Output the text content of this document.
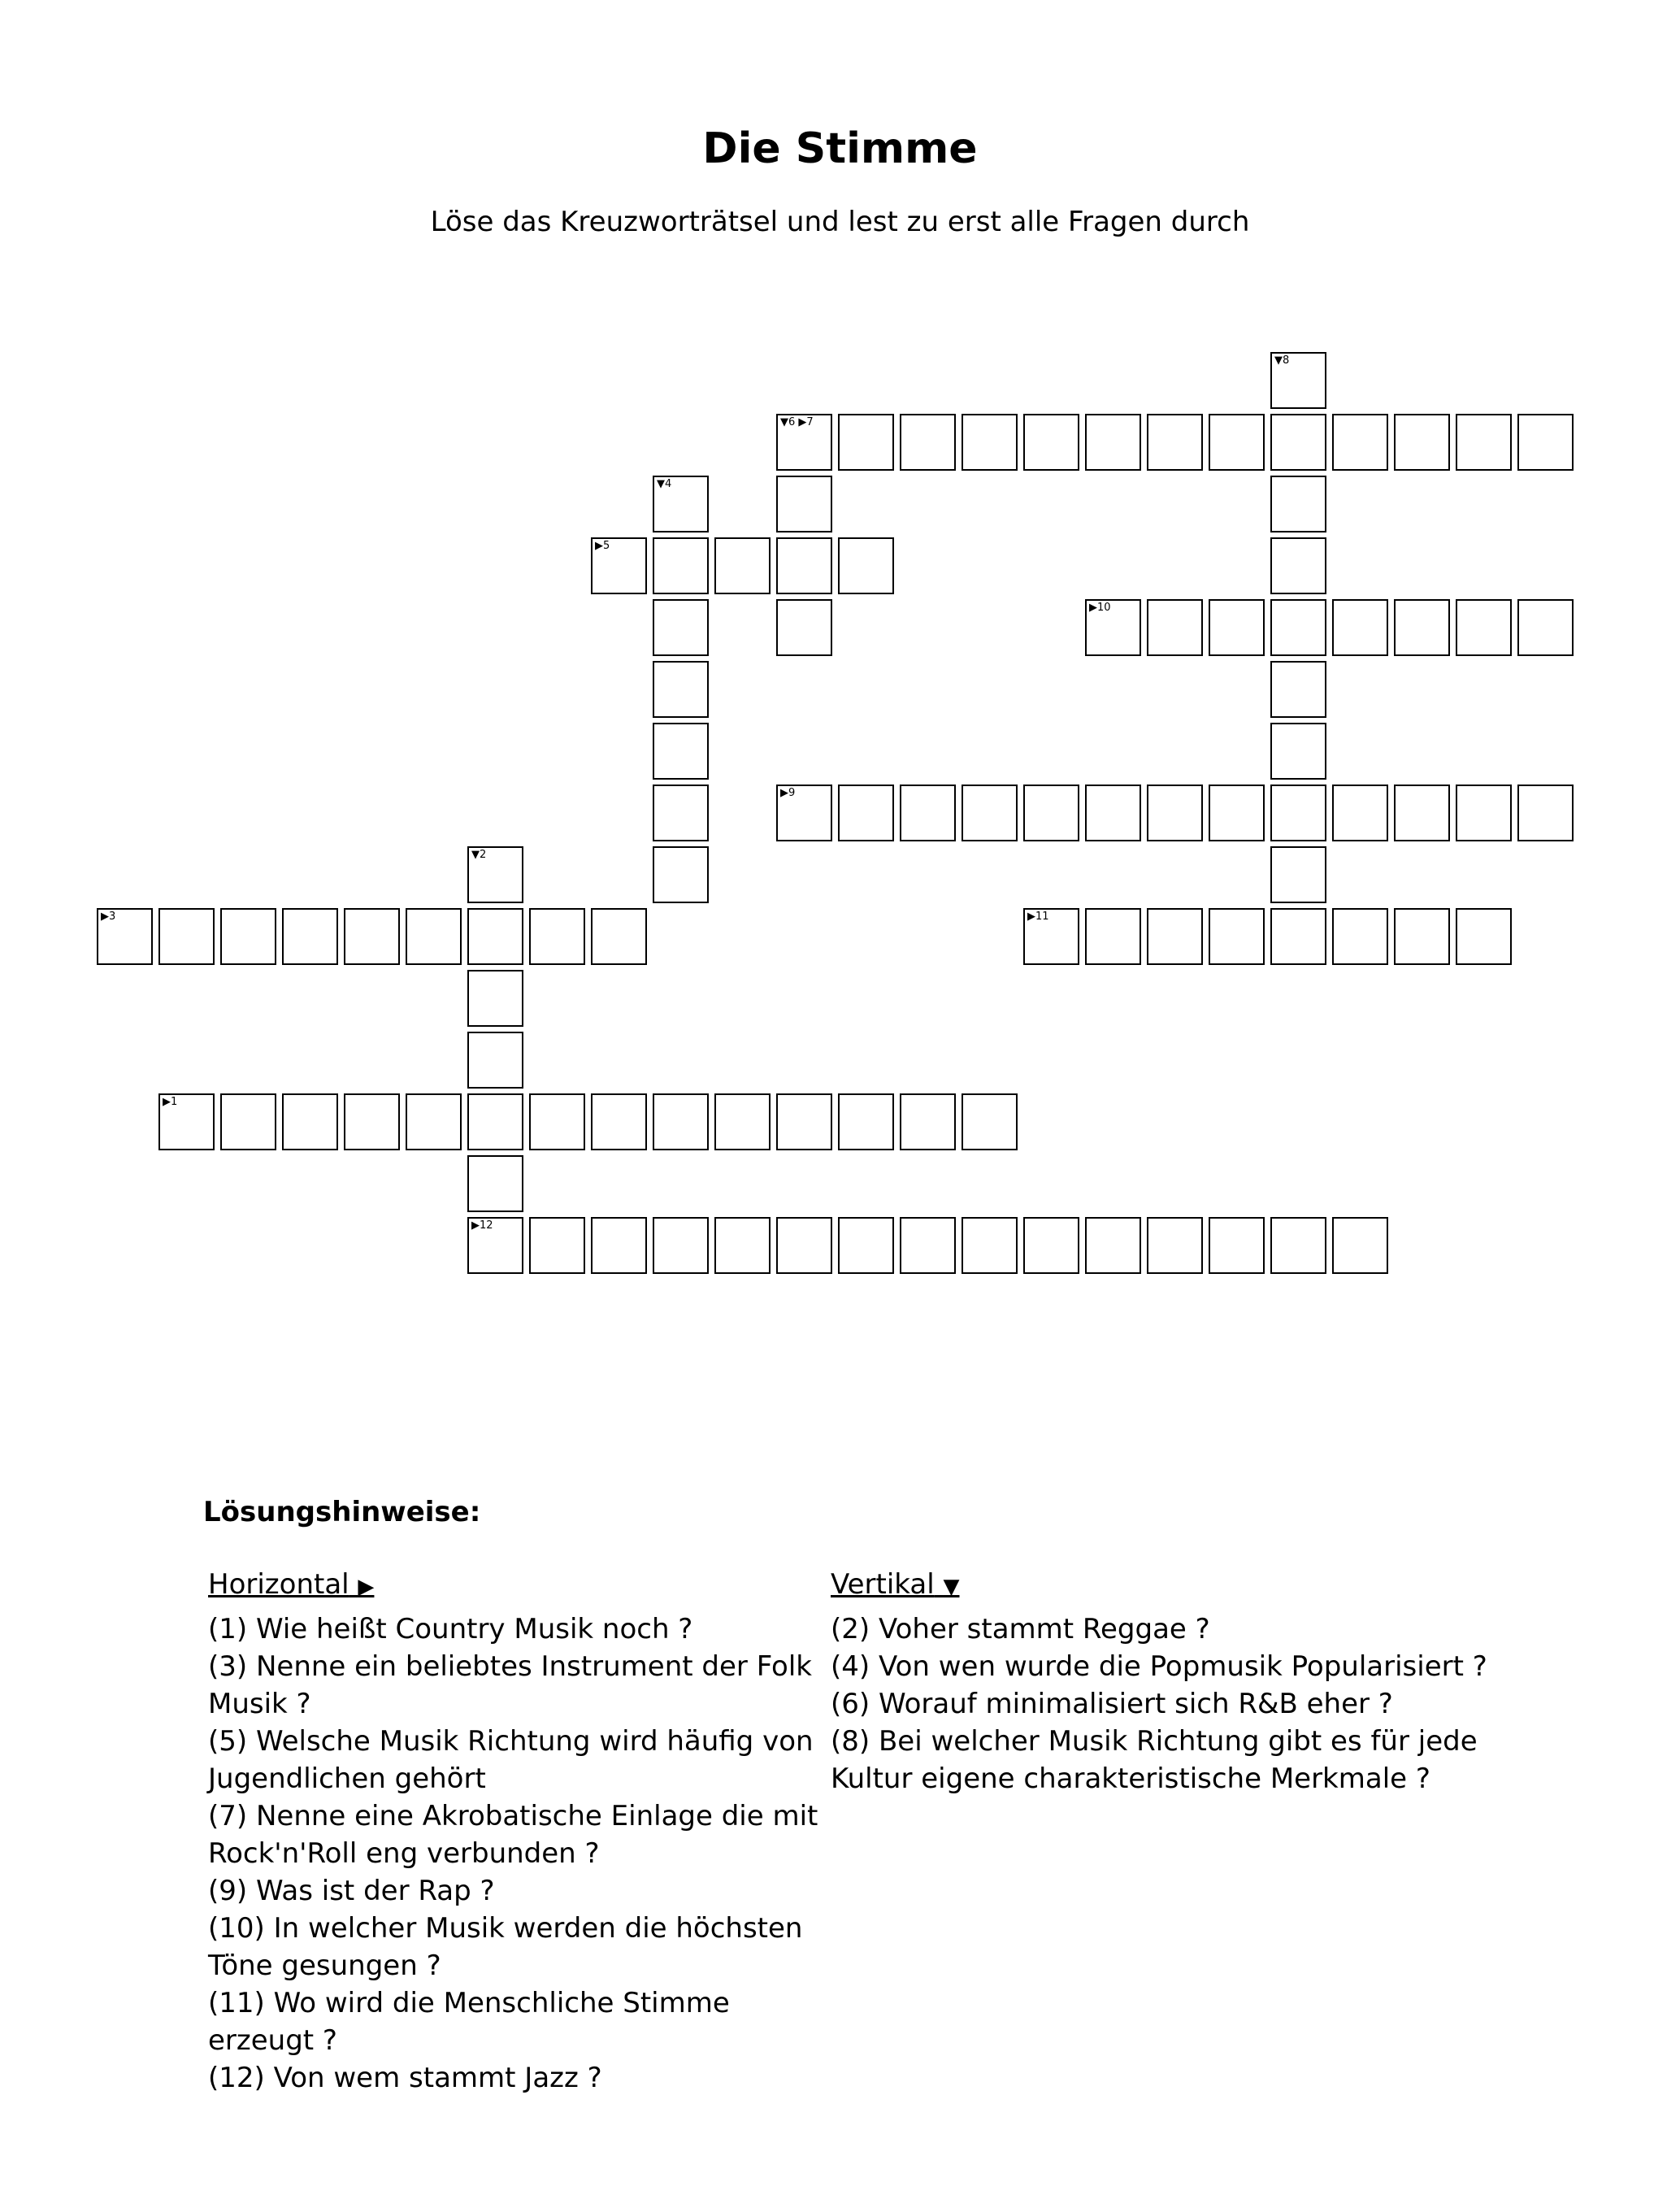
Die Stimme
Löse das Kreuzworträtsel und lest zu erst alle Fragen durch
▶1
▼2
▶3
▼4
▶5
▼6 ▶7
▼8
▶9
▶10
▶11
▶12
Lösungshinweise:
Horizontal ▶

(1) Wie heißt Country Musik noch ?

(3) Nenne ein beliebtes Instrument der Folk Musik ?

(5) Welsche Musik Richtung wird häufig von Jugendlichen gehört

(7) Nenne eine Akrobatische Einlage die mit Rock'n'Roll eng verbunden ?

(9) Was ist der Rap ?

(10) In welcher Musik werden die höchsten Töne gesungen ?

(11) Wo wird die Menschliche Stimme erzeugt ?

(12) Von wem stammt Jazz ?

Vertikal ▼

(2) Voher stammt Reggae ?

(4) Von wen wurde die Popmusik Popularisiert ?

(6) Worauf minimalisiert sich R&B eher ?

(8) Bei welcher Musik Richtung gibt es für jede Kultur eigene charakteristische Merkmale ?
